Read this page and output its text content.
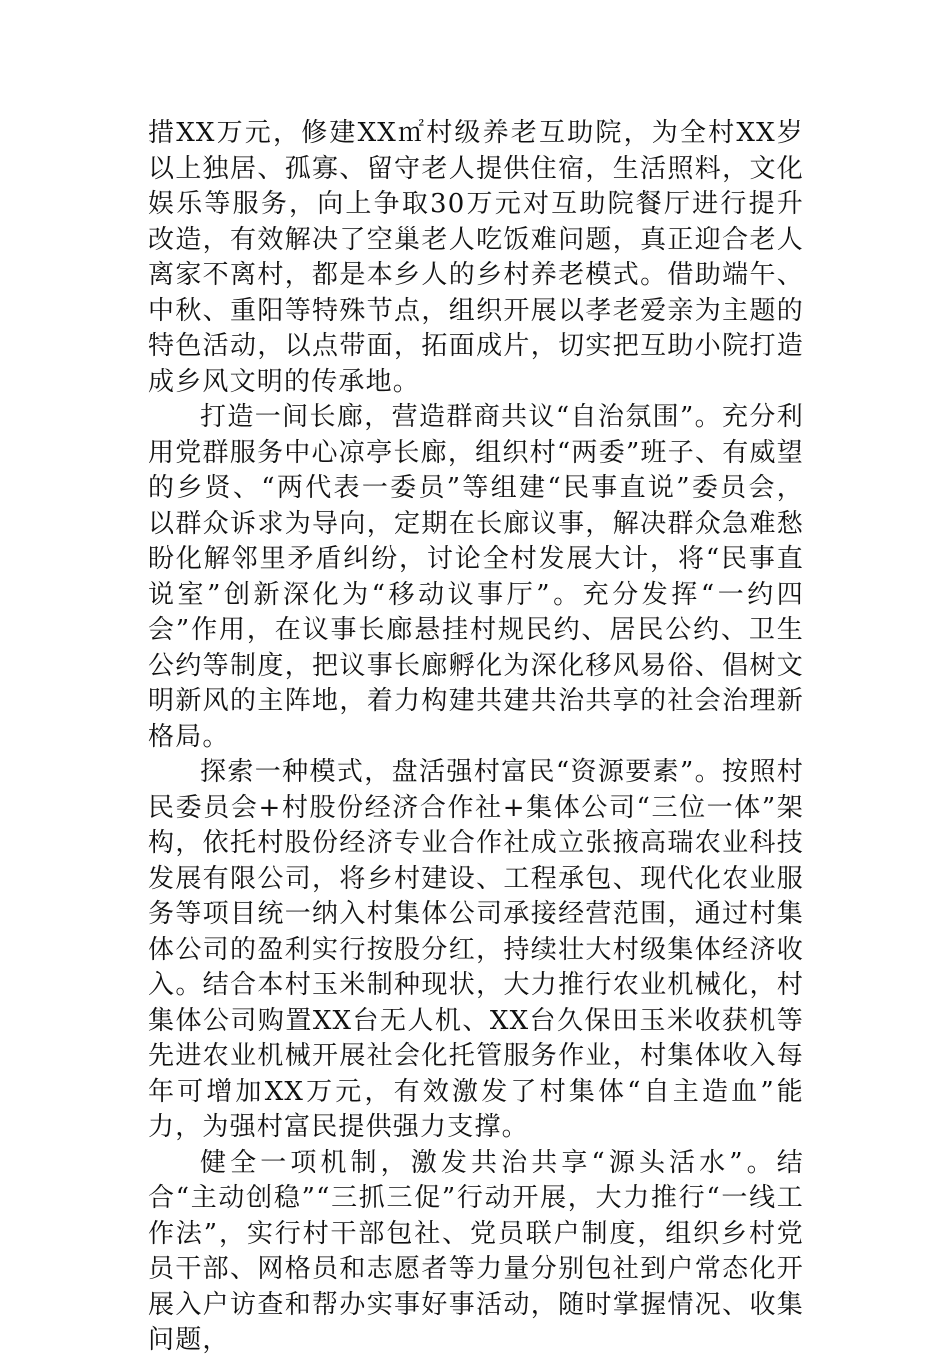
措XX万元，修建XX㎡村级养老互助院，为全村XX岁以上独居、孤寡、留守老人提供住宿，生活照料，文化娱乐等服务，向上争取30万元对互助院餐厅进行提升改造，有效解决了空巢老人吃饭难问题，真正迎合老人离家不离村，都是本乡人的乡村养老模式。借助端午、中秋、重阳等特殊节点，组织开展以孝老爱亲为主题的特色活动，以点带面，拓面成片，切实把互助小院打造成乡风文明的传承地。

打造一间长廊，营造群商共议“自治氛围”。充分利用党群服务中心凉亭长廊，组织村“两委”班子、有威望的乡贤、“两代表一委员”等组建“民事直说”委员会，以群众诉求为导向，定期在长廊议事，解决群众急难愁盼化解邻里矛盾纠纷，讨论全村发展大计，将“民事直说室”创新深化为“移动议事厅”。充分发挥“一约四会”作用，在议事长廊悬挂村规民约、居民公约、卫生公约等制度，把议事长廊孵化为深化移风易俗、倡树文明新风的主阵地，着力构建共建共治共享的社会治理新格局。

探索一种模式，盘活强村富民“资源要素”。按照村民委员会+村股份经济合作社+集体公司“三位一体”架构，依托村股份经济专业合作社成立张掖高瑞农业科技发展有限公司，将乡村建设、工程承包、现代化农业服务等项目统一纳入村集体公司承接经营范围，通过村集体公司的盈利实行按股分红，持续壮大村级集体经济收入。结合本村玉米制种现状，大力推行农业机械化，村集体公司购置XX台无人机、XX台久保田玉米收获机等先进农业机械开展社会化托管服务作业，村集体收入每年可增加XX万元，有效激发了村集体“自主造血”能力，为强村富民提供强力支撑。

健全一项机制，激发共治共享“源头活水”。结合“主动创稳”“三抓三促”行动开展，大力推行“一线工作法”，实行村干部包社、党员联户制度，组织乡村党员干部、网格员和志愿者等力量分别包社到户常态化开展入户访查和帮办实事好事活动，随时掌握情况、收集问题，
